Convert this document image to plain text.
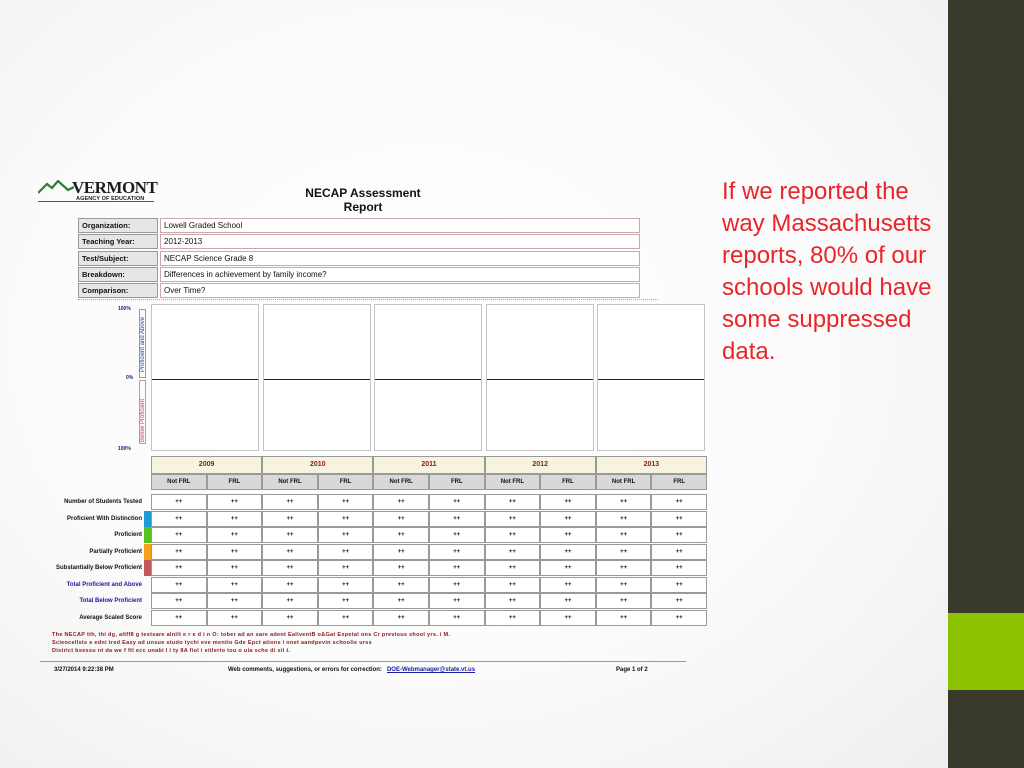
If we reported the way Massachusetts reports, 80% of our schools would have some suppressed data.
VERMONT
AGENCY OF EDUCATION	NECAP Assessment
Report
Organization:	Lowell Graded School
Teaching Year:	2012-2013
Test/Subject:	NECAP Science Grade 8
Breakdown:	Differences in achievement by family income?
Comparison:	Over Time?
100%
0%
100%
Proficient and Above
Below Proficient
2009
Not FRL	FRL
2010
Not FRL	FRL
2011
Not FRL	FRL
2012
Not FRL	FRL
2013
Not FRL	FRL
Number of Students Tested	++	++	++	++	++	++	++	++	++	++
Proficient With Distinction	++	++	++	++	++	++	++	++	++	++
Proficient	++	++	++	++	++	++	++	++	++	++
Partially Proficient	++	++	++	++	++	++	++	++	++	++
Substantially Below Proficient	++	++	++	++	++	++	++	++	++	++
Total Proficient and Above	++	++	++	++	++	++	++	++	++	++
Total Below Proficient	++	++	++	++	++	++	++	++	++	++
Average Scaled Score	++	++	++	++	++	++	++	++	++	++
The NECAP tth, thi dg, altff8 g testsare alnilt e r e d i n O: tober ad an sare adent EaliventB o&Gat Expetal ons Cr previous shool yrs. i M.
Sciencellsts e edni tred Eaxy ad unsue studo tychi eve mentio Gde Epct ations i nnet aandpevin schoolie urss
District bsessu nt da we f ftl ecc unabi l i ty 8A fiol i eitlerto tou o uia sche di sil t.
3/27/2014 9:22:38 PM	Web comments, suggestions, or errors for correction: DOE-Webmanager@state.vt.us	Page 1 of 2
